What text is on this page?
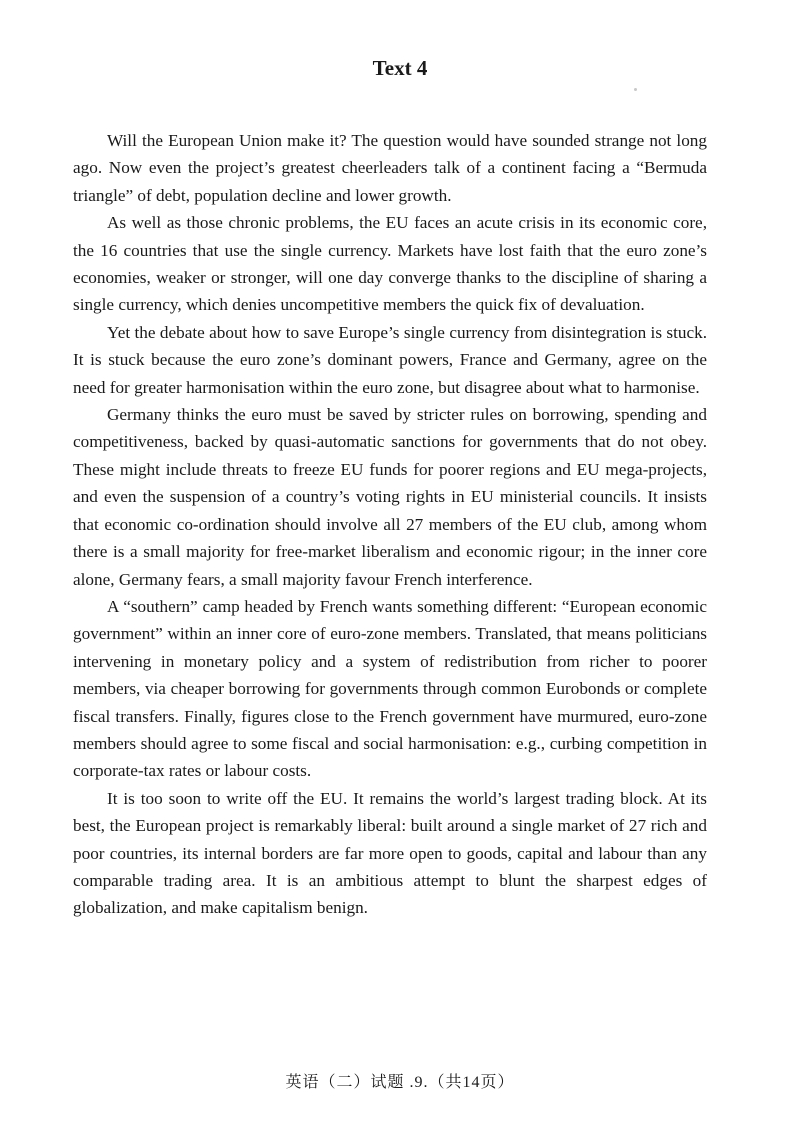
Text 4

Will the European Union make it? The question would have sounded strange not long ago. Now even the project’s greatest cheerleaders talk of a continent facing a “Bermuda triangle” of debt, population decline and lower growth.

As well as those chronic problems, the EU faces an acute crisis in its economic core, the 16 countries that use the single currency. Markets have lost faith that the euro zone’s economies, weaker or stronger, will one day converge thanks to the discipline of sharing a single currency, which denies uncompetitive members the quick fix of devaluation.

Yet the debate about how to save Europe’s single currency from disintegration is stuck. It is stuck because the euro zone’s dominant powers, France and Germany, agree on the need for greater harmonisation within the euro zone, but disagree about what to harmonise.

Germany thinks the euro must be saved by stricter rules on borrowing, spending and competitiveness, backed by quasi-automatic sanctions for governments that do not obey. These might include threats to freeze EU funds for poorer regions and EU mega-projects, and even the suspension of a country’s voting rights in EU ministerial councils. It insists that economic co-ordination should involve all 27 members of the EU club, among whom there is a small majority for free-market liberalism and economic rigour; in the inner core alone, Germany fears, a small majority favour French interference.

A “southern” camp headed by French wants something different: “European economic government” within an inner core of euro-zone members. Translated, that means politicians intervening in monetary policy and a system of redistribution from richer to poorer members, via cheaper borrowing for governments through common Eurobonds or complete fiscal transfers. Finally, figures close to the French government have murmured, euro-zone members should agree to some fiscal and social harmonisation: e.g., curbing competition in corporate-tax rates or labour costs.

It is too soon to write off the EU. It remains the world’s largest trading block. At its best, the European project is remarkably liberal: built around a single market of 27 rich and poor countries, its internal borders are far more open to goods, capital and labour than any comparable trading area. It is an ambitious attempt to blunt the sharpest edges of globalization, and make capitalism benign.

英语（二）试题 .9.（共14页）
